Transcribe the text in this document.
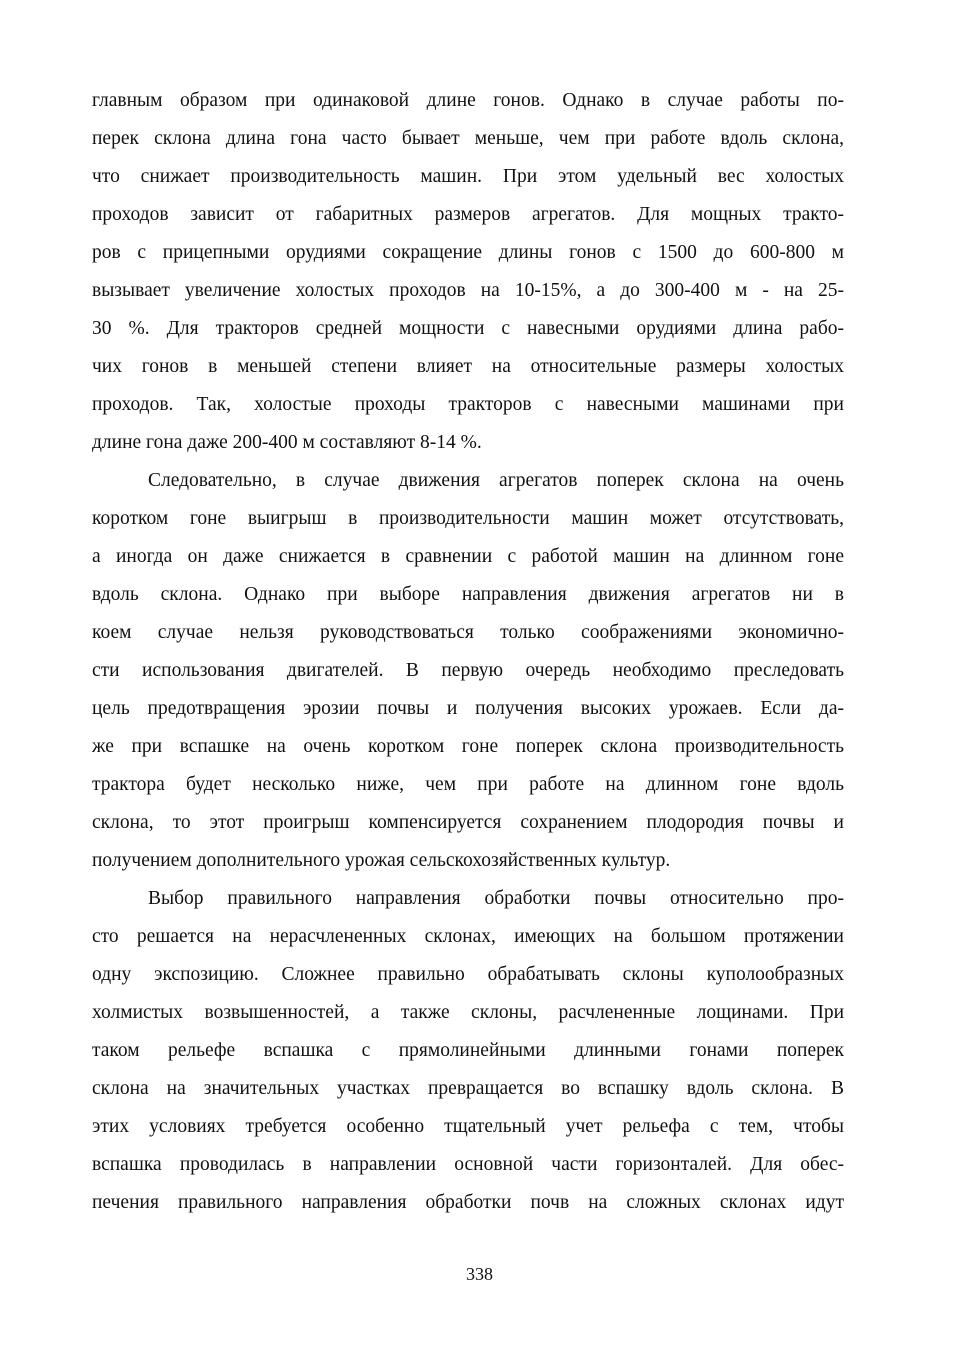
главным образом при одинаковой длине гонов. Однако в случае работы по-
перек склона длина гона часто бывает меньше, чем при работе вдоль склона,
что снижает производительность машин. При этом удельный вес холостых
проходов зависит от габаритных размеров агрегатов. Для мощных тракто-
ров с прицепными орудиями сокращение длины гонов с 1500 до 600-800 м
вызывает увеличение холостых проходов на 10-15%, а до 300-400 м - на 25-
30 %. Для тракторов средней мощности с навесными орудиями длина рабо-
чих гонов в меньшей степени влияет на относительные размеры холостых
проходов. Так, холостые проходы тракторов с навесными машинами при
длине гона даже 200-400 м составляют 8-14 %.
Следовательно, в случае движения агрегатов поперек склона на очень
коротком гоне выигрыш в производительности машин может отсутствовать,
а иногда он даже снижается в сравнении с работой машин на длинном гоне
вдоль склона. Однако при выборе направления движения агрегатов ни в
коем случае нельзя руководствоваться только соображениями экономично-
сти использования двигателей. В первую очередь необходимо преследовать
цель предотвращения эрозии почвы и получения высоких урожаев. Если да-
же при вспашке на очень коротком гоне поперек склона производительность
трактора будет несколько ниже, чем при работе на длинном гоне вдоль
склона, то этот проигрыш компенсируется сохранением плодородия почвы и
получением дополнительного урожая сельскохозяйственных культур.
Выбор правильного направления обработки почвы относительно про-
сто решается на нерасчлененных склонах, имеющих на большом протяжении
одну экспозицию. Сложнее правильно обрабатывать склоны куполообразных
холмистых возвышенностей, а также склоны, расчлененные лощинами. При
таком рельефе вспашка с прямолинейными длинными гонами поперек
склона на значительных участках превращается во вспашку вдоль склона. В
этих условиях требуется особенно тщательный учет рельефа с тем, чтобы
вспашка проводилась в направлении основной части горизонталей. Для обес-
печения правильного направления обработки почв на сложных склонах идут
338
